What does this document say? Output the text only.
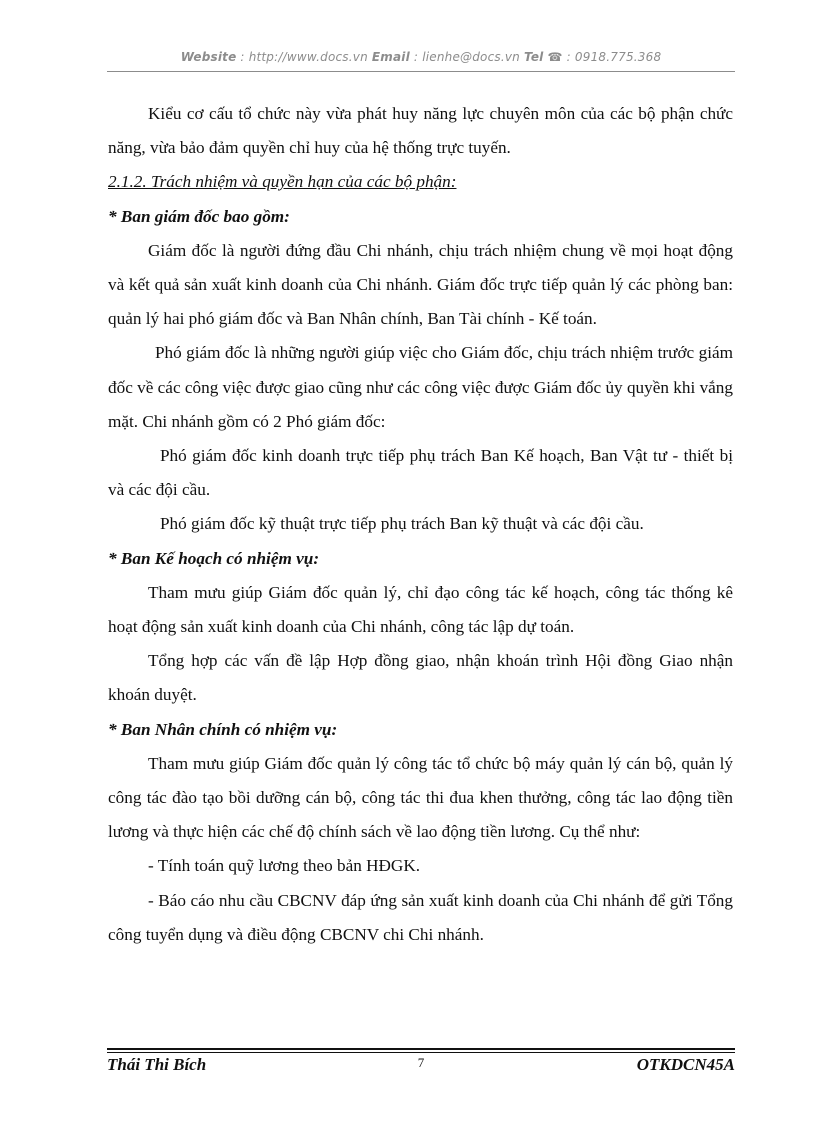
Website : http://www.docs.vn Email : lienhe@docs.vn Tel ☎ : 0918.775.368

Kiểu cơ cấu tổ chức này vừa phát huy năng lực chuyên môn của các bộ phận chức năng, vừa bảo đảm quyền chỉ huy của hệ thống trực tuyến.

2.1.2. Trách nhiệm và quyền hạn của các bộ phận:

* Ban giám đốc bao gồm:

Giám đốc là người đứng đầu Chi nhánh, chịu trách nhiệm chung về mọi hoạt động và kết quả sản xuất kinh doanh của Chi nhánh. Giám đốc trực tiếp quản lý các phòng ban: quản lý hai phó giám đốc và Ban Nhân chính, Ban Tài chính - Kế toán.

Phó giám đốc là những người giúp việc cho Giám đốc, chịu trách nhiệm trước giám đốc về các công việc được giao cũng như các công việc được Giám đốc ủy quyền khi vắng mặt. Chi nhánh gồm có 2 Phó giám đốc:

Phó giám đốc kinh doanh trực tiếp phụ trách Ban Kế hoạch, Ban Vật tư - thiết bị và các đội cầu.

Phó giám đốc kỹ thuật trực tiếp phụ trách Ban kỹ thuật và các đội cầu.

* Ban Kế hoạch có nhiệm vụ:

Tham mưu giúp Giám đốc quản lý, chỉ đạo công tác kế hoạch, công tác thống kê hoạt động sản xuất kinh doanh của Chi nhánh, công tác lập dự toán.

Tổng hợp các vấn đề lập Hợp đồng giao, nhận khoán trình Hội đồng Giao nhận khoán duyệt.

* Ban Nhân chính có nhiệm vụ:

Tham mưu giúp Giám đốc quản lý công tác tổ chức bộ máy quản lý cán bộ, quản lý công tác đào tạo bồi dưỡng cán bộ, công tác thi đua khen thưởng, công tác lao động tiền lương và thực hiện các chế độ chính sách về lao động tiền lương. Cụ thể như:

- Tính toán quỹ lương theo bản HĐGK.

- Báo cáo nhu cầu CBCNV đáp ứng sản xuất kinh doanh của Chi nhánh để gửi Tổng công tuyển dụng và điều động CBCNV chi Chi nhánh.

Thái Thi Bích	7	OTKDCN45A
